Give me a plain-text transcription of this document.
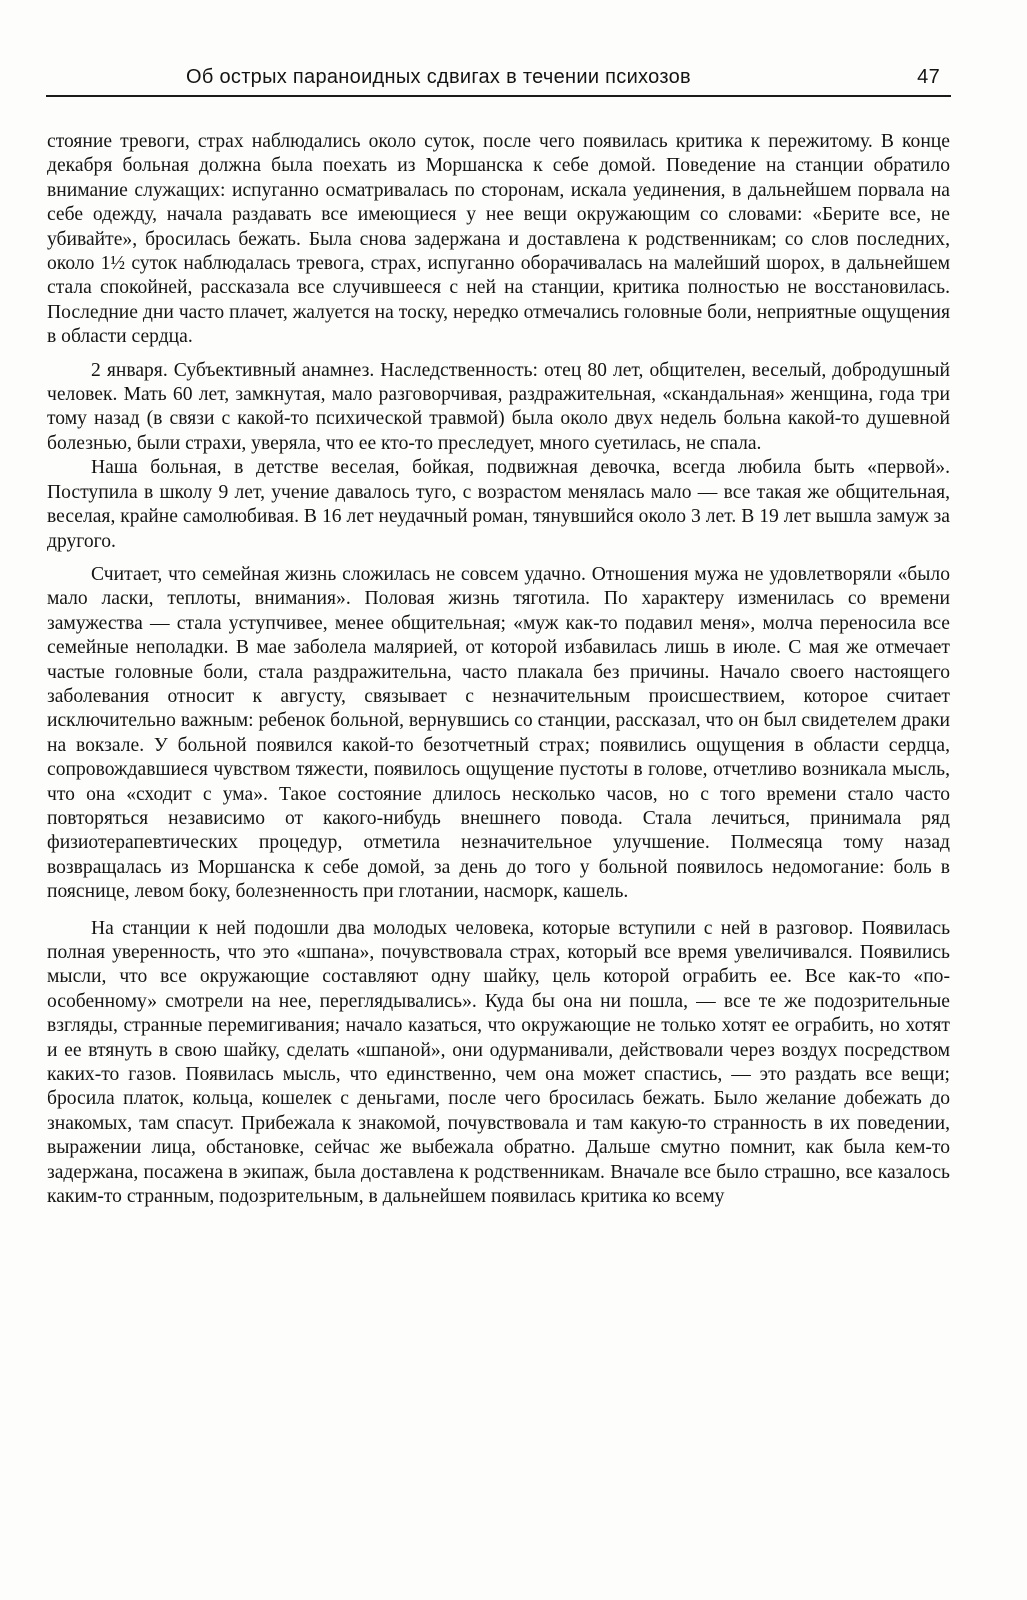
Об острых параноидных сдвигах в течении психозов	47

стояние тревоги, страх наблюдались около суток, после чего появилась критика к пережитому. В конце декабря больная должна была поехать из Моршанска к себе домой. Поведение на станции обратило внимание служащих: испуганно осматривалась по сторонам, искала уединения, в дальнейшем порвала на себе одежду, начала раздавать все имеющиеся у нее вещи окружающим со словами: «Берите все, не убивайте», бросилась бежать. Была снова задержана и доставлена к родственникам; со слов последних, около 1½ суток наблюдалась тревога, страх, испуганно оборачивалась на малейший шорох, в дальнейшем стала спокойней, рассказала все случившееся с ней на станции, критика полностью не восстановилась. Последние дни часто плачет, жалуется на тоску, нередко отмечались головные боли, неприятные ощущения в области сердца.

2 января. Субъективный анамнез. Наследственность: отец 80 лет, общителен, веселый, добродушный человек. Мать 60 лет, замкнутая, мало разговорчивая, раздражительная, «скандальная» женщина, года три тому назад (в связи с какой-то психической травмой) была около двух недель больна какой-то душевной болезнью, были страхи, уверяла, что ее кто-то преследует, много суетилась, не спала.

Наша больная, в детстве веселая, бойкая, подвижная девочка, всегда любила быть «первой». Поступила в школу 9 лет, учение давалось туго, с возрастом менялась мало — все такая же общительная, веселая, крайне самолюбивая. В 16 лет неудачный роман, тянувшийся около 3 лет. В 19 лет вышла замуж за другого.

Считает, что семейная жизнь сложилась не совсем удачно. Отношения мужа не удовлетворяли «было мало ласки, теплоты, внимания». Половая жизнь тяготила. По характеру изменилась со времени замужества — стала уступчивее, менее общительная; «муж как-то подавил меня», молча переносила все семейные неполадки. В мае заболела малярией, от которой избавилась лишь в июле. С мая же отмечает частые головные боли, стала раздражительна, часто плакала без причины. Начало своего настоящего заболевания относит к августу, связывает с незначительным происшествием, которое считает исключительно важным: ребенок больной, вернувшись со станции, рассказал, что он был свидетелем драки на вокзале. У больной появился какой-то безотчетный страх; появились ощущения в области сердца, сопровождавшиеся чувством тяжести, появилось ощущение пустоты в голове, отчетливо возникала мысль, что она «сходит с ума». Такое состояние длилось несколько часов, но с того времени стало часто повторяться независимо от какого-нибудь внешнего повода. Стала лечиться, принимала ряд физиотерапевтических процедур, отметила незначительное улучшение. Полмесяца тому назад возвращалась из Моршанска к себе домой, за день до того у больной появилось недомогание: боль в пояснице, левом боку, болезненность при глотании, насморк, кашель.

На станции к ней подошли два молодых человека, которые вступили с ней в разговор. Появилась полная уверенность, что это «шпана», почувствовала страх, который все время увеличивался. Появились мысли, что все окружающие составляют одну шайку, цель которой ограбить ее. Все как-то «по-особенному» смотрели на нее, переглядывались». Куда бы она ни пошла, — все те же подозрительные взгляды, странные перемигивания; начало казаться, что окружающие не только хотят ее ограбить, но хотят и ее втянуть в свою шайку, сделать «шпаной», они одурманивали, действовали через воздух посредством каких-то газов. Появилась мысль, что единственно, чем она может спастись, — это раздать все вещи; бросила платок, кольца, кошелек с деньгами, после чего бросилась бежать. Было желание добежать до знакомых, там спасут. Прибежала к знакомой, почувствовала и там какую-то странность в их поведении, выражении лица, обстановке, сейчас же выбежала обратно. Дальше смутно помнит, как была кем-то задержана, посажена в экипаж, была доставлена к родственникам. Вначале все было страшно, все казалось каким-то странным, подозрительным, в дальнейшем появилась критика ко всему
